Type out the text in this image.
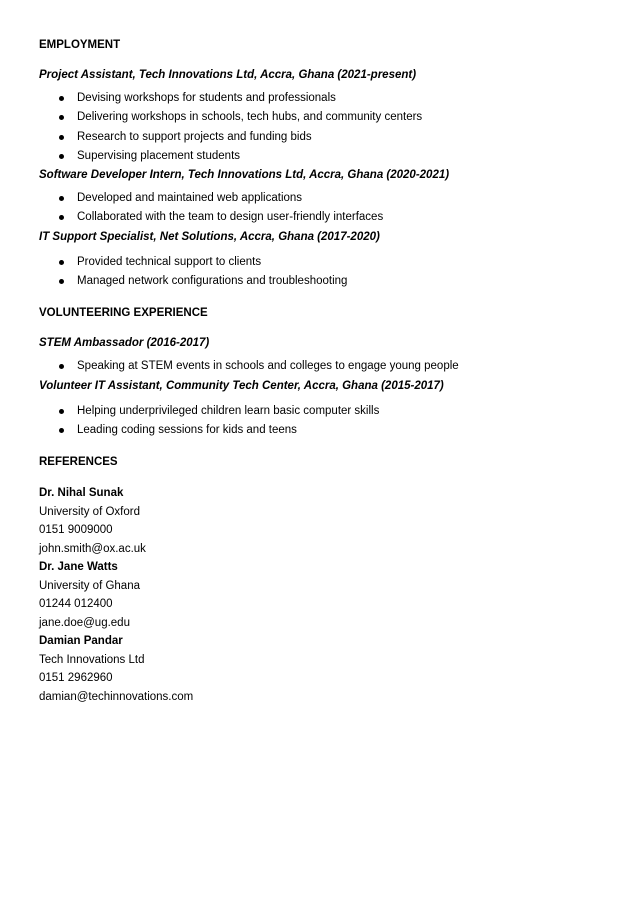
EMPLOYMENT

Project Assistant, Tech Innovations Ltd, Accra, Ghana (2021-present)

Devising workshops for students and professionals
Delivering workshops in schools, tech hubs, and community centers
Research to support projects and funding bids
Supervising placement students

Software Developer Intern, Tech Innovations Ltd, Accra, Ghana (2020-2021)

Developed and maintained web applications
Collaborated with the team to design user-friendly interfaces

IT Support Specialist, Net Solutions, Accra, Ghana (2017-2020)

Provided technical support to clients
Managed network configurations and troubleshooting

VOLUNTEERING EXPERIENCE

STEM Ambassador (2016-2017)

Speaking at STEM events in schools and colleges to engage young people

Volunteer IT Assistant, Community Tech Center, Accra, Ghana (2015-2017)

Helping underprivileged children learn basic computer skills
Leading coding sessions for kids and teens

REFERENCES

Dr. Nihal Sunak

University of Oxford

0151 9009000

john.smith@ox.ac.uk

Dr. Jane Watts

University of Ghana

01244 012400

jane.doe@ug.edu

Damian Pandar

Tech Innovations Ltd

0151 2962960

damian@techinnovations.com
